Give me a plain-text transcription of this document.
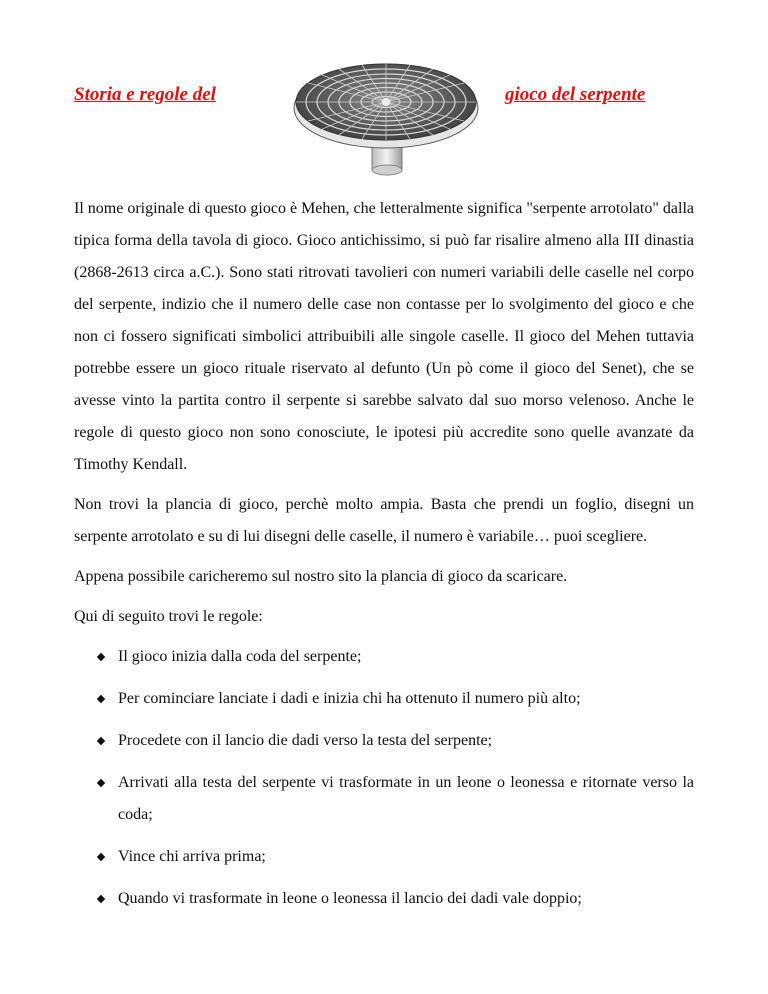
Storia e regole del	gioco del serpente

Il nome originale di questo gioco è Mehen, che letteralmente significa "serpente arrotolato" dalla tipica forma della tavola di gioco. Gioco antichissimo, si può far risalire almeno alla III dinastia (2868-2613 circa a.C.). Sono stati ritrovati tavolieri con numeri variabili delle caselle nel corpo del serpente, indizio che il numero delle case non contasse per lo svolgimento del gioco e che non ci fossero significati simbolici attribuibili alle singole caselle. Il gioco del Mehen tuttavia potrebbe essere un gioco rituale riservato al defunto (Un pò come il gioco del Senet), che se avesse vinto la partita contro il serpente si sarebbe salvato dal suo morso velenoso. Anche le regole di questo gioco non sono conosciute, le ipotesi più accredite sono quelle avanzate da Timothy Kendall.

Non trovi la plancia di gioco, perchè molto ampia. Basta che prendi un foglio, disegni un serpente arrotolato e su di lui disegni delle caselle, il numero è variabile… puoi scegliere.

Appena possibile caricheremo sul nostro sito la plancia di gioco da scaricare.

Qui di seguito trovi le regole:

Il gioco inizia dalla coda del serpente;
Per cominciare lanciate i dadi e inizia chi ha ottenuto il numero più alto;
Procedete con il lancio die dadi verso la testa del serpente;
Arrivati alla testa del serpente vi trasformate in un leone o leonessa e ritornate verso la coda;
Vince chi arriva prima;
Quando vi trasformate in leone o leonessa il lancio dei dadi vale doppio;
